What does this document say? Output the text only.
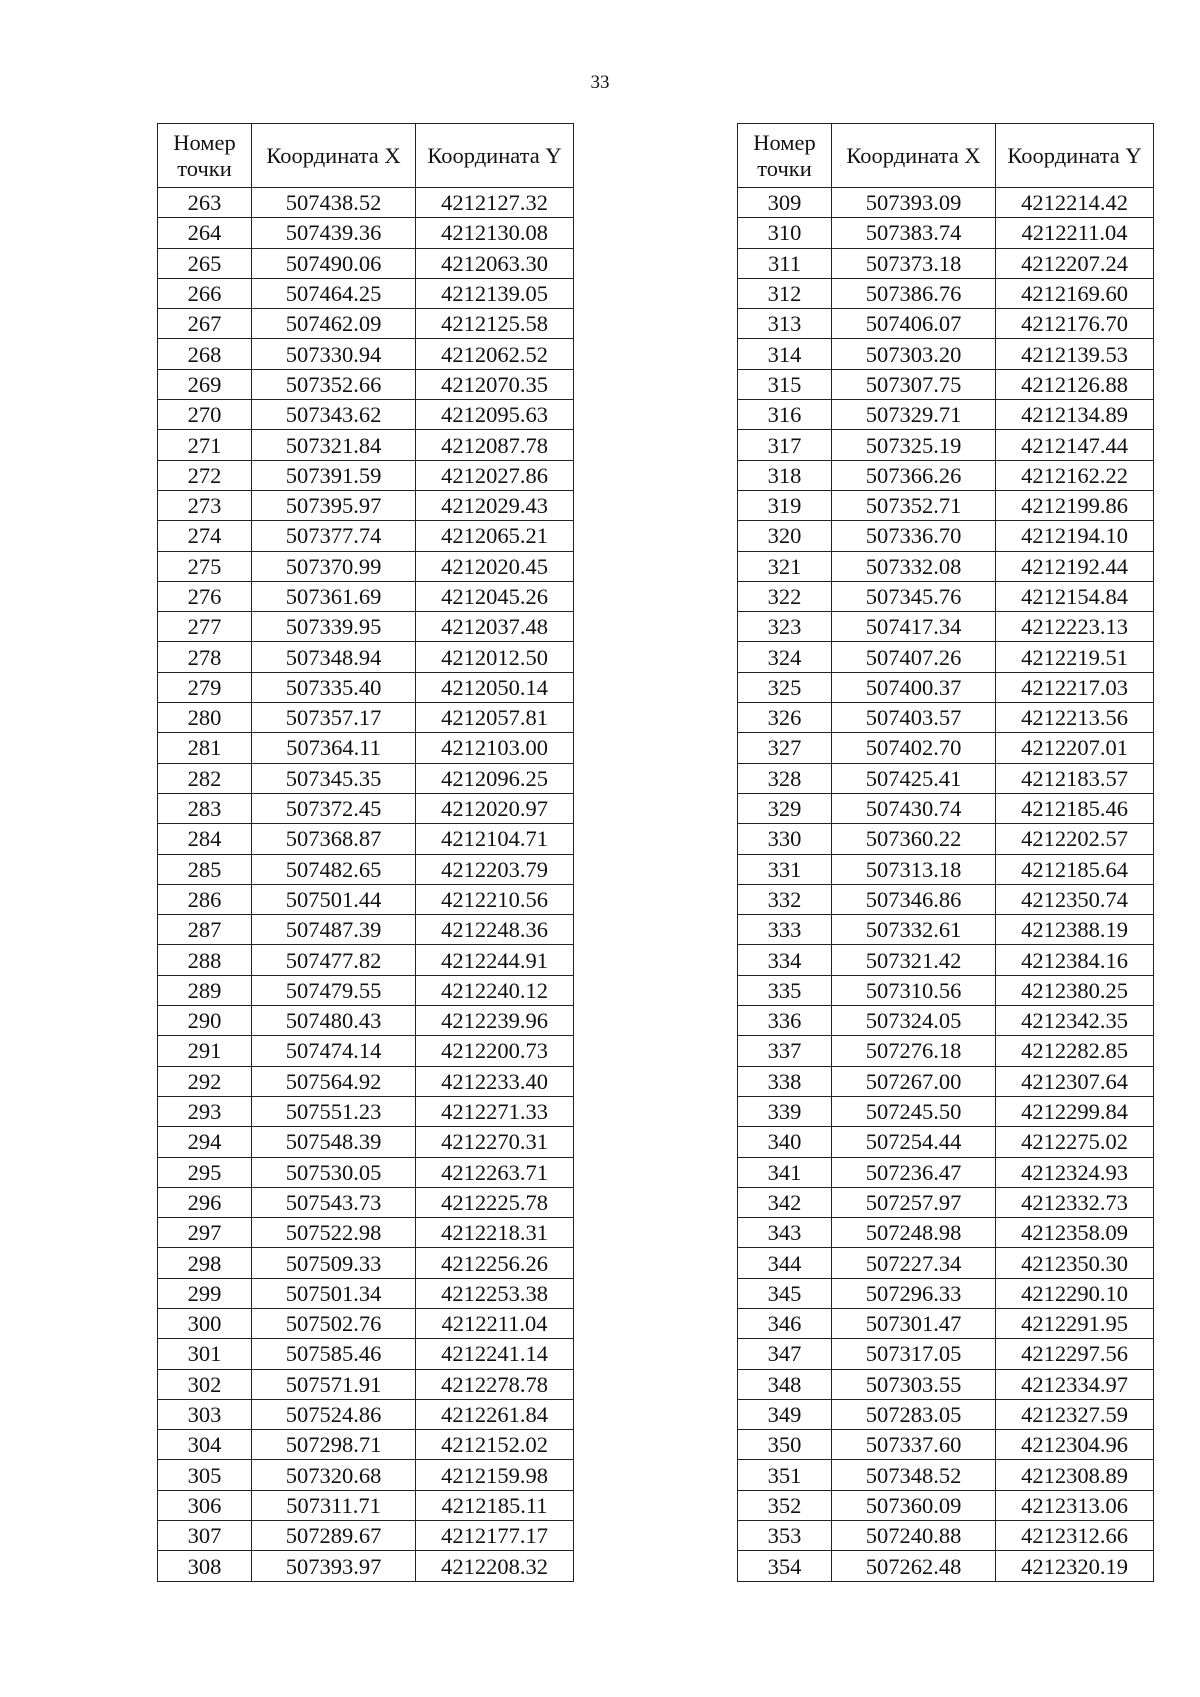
33
Номер точки	Координата X	Координата Y
263	507438.52	4212127.32
264	507439.36	4212130.08
265	507490.06	4212063.30
266	507464.25	4212139.05
267	507462.09	4212125.58
268	507330.94	4212062.52
269	507352.66	4212070.35
270	507343.62	4212095.63
271	507321.84	4212087.78
272	507391.59	4212027.86
273	507395.97	4212029.43
274	507377.74	4212065.21
275	507370.99	4212020.45
276	507361.69	4212045.26
277	507339.95	4212037.48
278	507348.94	4212012.50
279	507335.40	4212050.14
280	507357.17	4212057.81
281	507364.11	4212103.00
282	507345.35	4212096.25
283	507372.45	4212020.97
284	507368.87	4212104.71
285	507482.65	4212203.79
286	507501.44	4212210.56
287	507487.39	4212248.36
288	507477.82	4212244.91
289	507479.55	4212240.12
290	507480.43	4212239.96
291	507474.14	4212200.73
292	507564.92	4212233.40
293	507551.23	4212271.33
294	507548.39	4212270.31
295	507530.05	4212263.71
296	507543.73	4212225.78
297	507522.98	4212218.31
298	507509.33	4212256.26
299	507501.34	4212253.38
300	507502.76	4212211.04
301	507585.46	4212241.14
302	507571.91	4212278.78
303	507524.86	4212261.84
304	507298.71	4212152.02
305	507320.68	4212159.98
306	507311.71	4212185.11
307	507289.67	4212177.17
308	507393.97	4212208.32
Номер точки	Координата X	Координата Y
309	507393.09	4212214.42
310	507383.74	4212211.04
311	507373.18	4212207.24
312	507386.76	4212169.60
313	507406.07	4212176.70
314	507303.20	4212139.53
315	507307.75	4212126.88
316	507329.71	4212134.89
317	507325.19	4212147.44
318	507366.26	4212162.22
319	507352.71	4212199.86
320	507336.70	4212194.10
321	507332.08	4212192.44
322	507345.76	4212154.84
323	507417.34	4212223.13
324	507407.26	4212219.51
325	507400.37	4212217.03
326	507403.57	4212213.56
327	507402.70	4212207.01
328	507425.41	4212183.57
329	507430.74	4212185.46
330	507360.22	4212202.57
331	507313.18	4212185.64
332	507346.86	4212350.74
333	507332.61	4212388.19
334	507321.42	4212384.16
335	507310.56	4212380.25
336	507324.05	4212342.35
337	507276.18	4212282.85
338	507267.00	4212307.64
339	507245.50	4212299.84
340	507254.44	4212275.02
341	507236.47	4212324.93
342	507257.97	4212332.73
343	507248.98	4212358.09
344	507227.34	4212350.30
345	507296.33	4212290.10
346	507301.47	4212291.95
347	507317.05	4212297.56
348	507303.55	4212334.97
349	507283.05	4212327.59
350	507337.60	4212304.96
351	507348.52	4212308.89
352	507360.09	4212313.06
353	507240.88	4212312.66
354	507262.48	4212320.19
